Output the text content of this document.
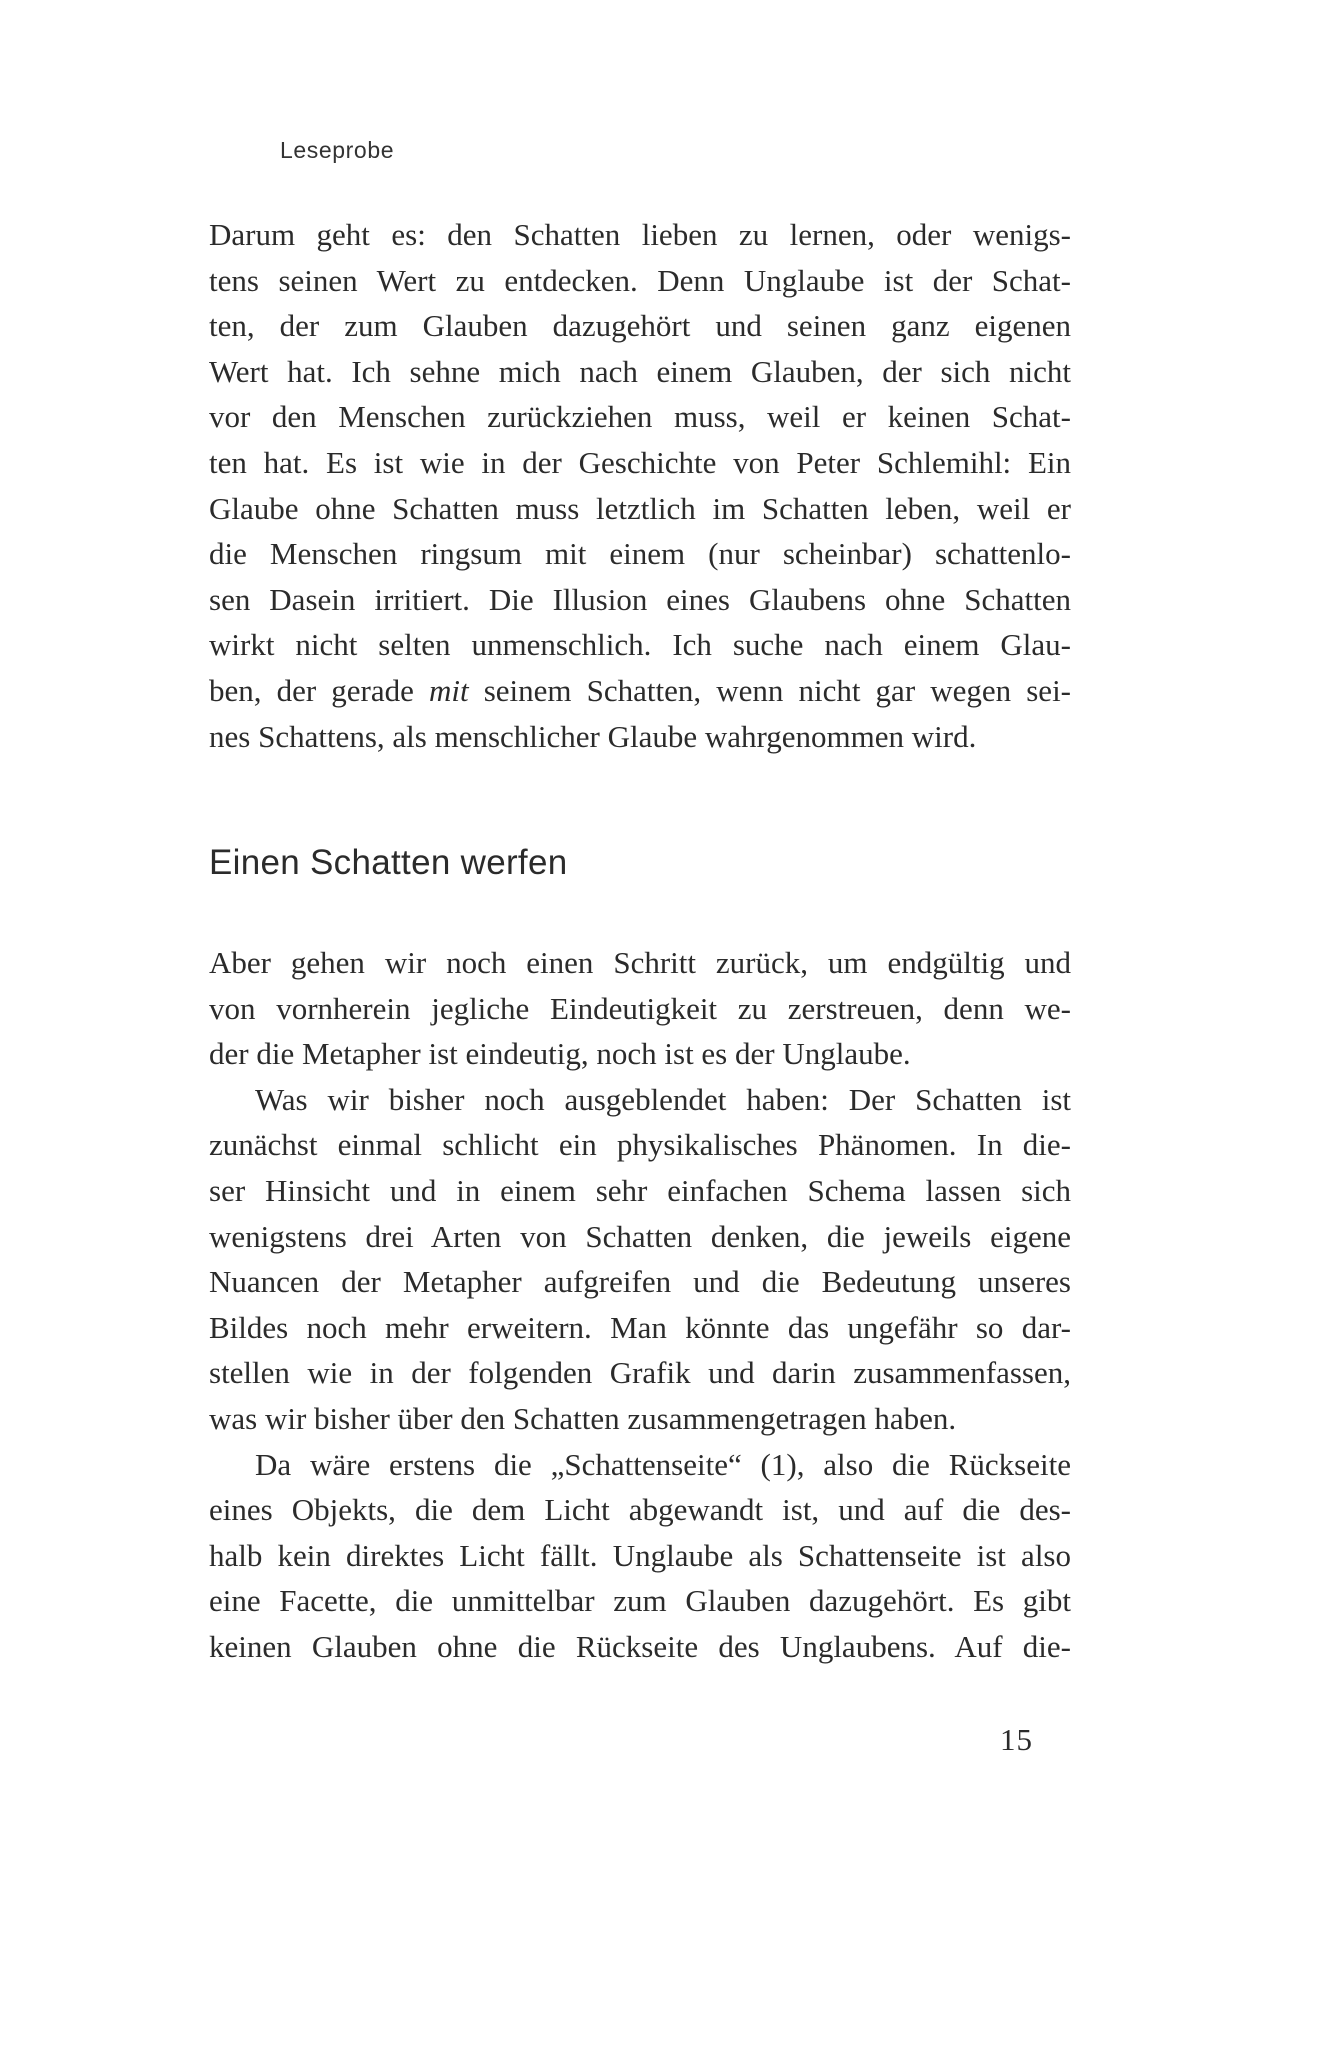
Leseprobe
Darum geht es: den Schatten lieben zu lernen, oder wenigs-
tens seinen Wert zu entdecken. Denn Unglaube ist der Schat-
ten, der zum Glauben dazugehört und seinen ganz eigenen
Wert hat. Ich sehne mich nach einem Glauben, der sich nicht
vor den Menschen zurückziehen muss, weil er keinen Schat-
ten hat. Es ist wie in der Geschichte von Peter Schlemihl: Ein
Glaube ohne Schatten muss letztlich im Schatten leben, weil er
die Menschen ringsum mit einem (nur scheinbar) schattenlo-
sen Dasein irritiert. Die Illusion eines Glaubens ohne Schatten
wirkt nicht selten unmenschlich. Ich suche nach einem Glau-
ben, der gerade mit seinem Schatten, wenn nicht gar wegen sei-
nes Schattens, als menschlicher Glaube wahrgenommen wird.
Einen Schatten werfen
Aber gehen wir noch einen Schritt zurück, um endgültig und
von vornherein jegliche Eindeutigkeit zu zerstreuen, denn we-
der die Metapher ist eindeutig, noch ist es der Unglaube.
Was wir bisher noch ausgeblendet haben: Der Schatten ist
zunächst einmal schlicht ein physikalisches Phänomen. In die-
ser Hinsicht und in einem sehr einfachen Schema lassen sich
wenigstens drei Arten von Schatten denken, die jeweils eigene
Nuancen der Metapher aufgreifen und die Bedeutung unseres
Bildes noch mehr erweitern. Man könnte das ungefähr so dar-
stellen wie in der folgenden Grafik und darin zusammenfassen,
was wir bisher über den Schatten zusammengetragen haben.
Da wäre erstens die „Schattenseite“ (1), also die Rückseite
eines Objekts, die dem Licht abgewandt ist, und auf die des-
halb kein direktes Licht fällt. Unglaube als Schattenseite ist also
eine Facette, die unmittelbar zum Glauben dazugehört. Es gibt
keinen Glauben ohne die Rückseite des Unglaubens. Auf die-
15
